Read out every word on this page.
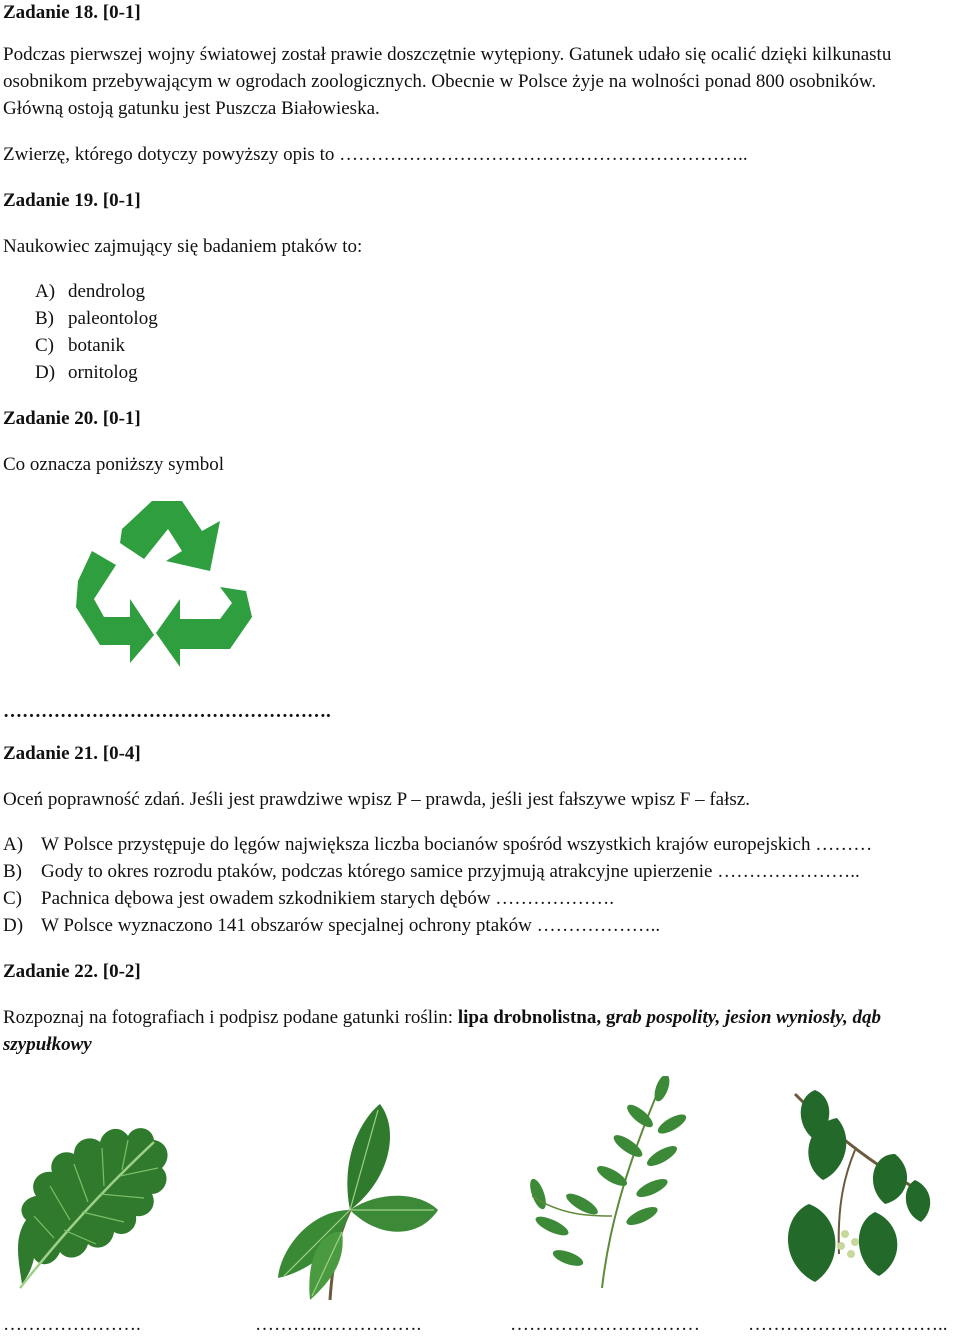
Zadanie 18. [0-1]
Podczas pierwszej wojny światowej został prawie doszczętnie wytępiony. Gatunek udało się ocalić dzięki kilkunastu
osobnikom przebywającym w ogrodach zoologicznych. Obecnie w Polsce żyje na wolności ponad 800 osobników.
Główną ostoją gatunku jest Puszcza Białowieska.
Zwierzę, którego dotyczy powyższy opis to ………………………………………………………..
Zadanie 19. [0-1]
Naukowiec zajmujący się badaniem ptaków to:
A) dendrolog
B) paleontolog
C) botanik
D) ornitolog
Zadanie 20. [0-1]
Co oznacza poniższy symbol
…………………………………………….
Zadanie 21. [0-4]
Oceń poprawność zdań. Jeśli jest prawdziwe wpisz P – prawda, jeśli jest fałszywe wpisz F – fałsz.
A) W Polsce przystępuje do lęgów największa liczba bocianów spośród wszystkich krajów europejskich ………
B) Gody to okres rozrodu ptaków, podczas którego samice przyjmują atrakcyjne upierzenie …………………..
C) Pachnica dębowa jest owadem szkodnikiem starych dębów ……………….
D) W Polsce wyznaczono 141 obszarów specjalnej ochrony ptaków ………………..
Zadanie 22. [0-2]
Rozpoznaj na fotografiach i podpisz podane gatunki roślin: lipa drobnolistna, grab pospolity, jesion wyniosły, dąb
szypułkowy
………………….	………..…………….	…………………………	…………………………..
